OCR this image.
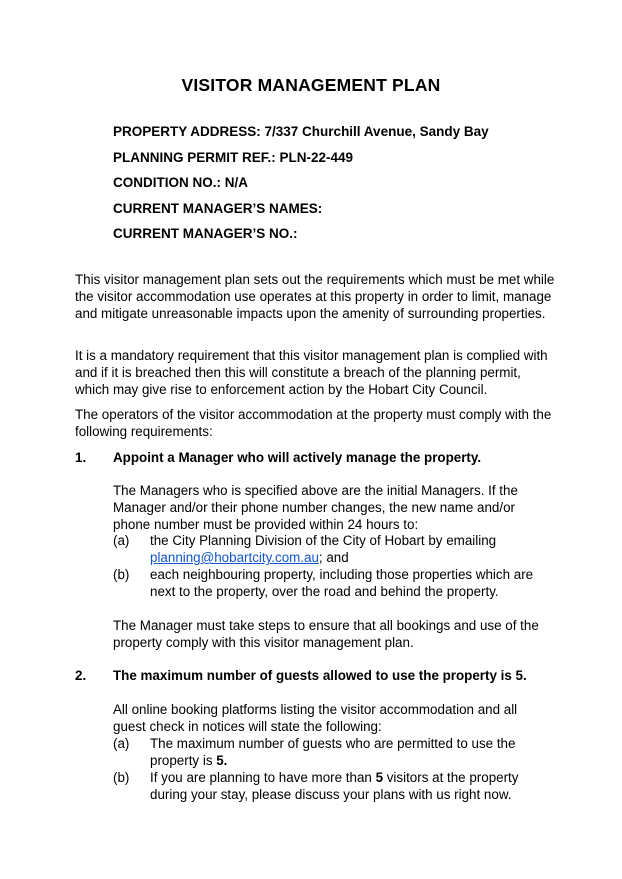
VISITOR MANAGEMENT PLAN
PROPERTY ADDRESS: 7/337 Churchill Avenue, Sandy Bay
PLANNING PERMIT REF.: PLN-22-449
CONDITION NO.: N/A
CURRENT MANAGER’S NAMES:
CURRENT MANAGER’S NO.:
This visitor management plan sets out the requirements which must be met while the visitor accommodation use operates at this property in order to limit, manage and mitigate unreasonable impacts upon the amenity of surrounding properties.
It is a mandatory requirement that this visitor management plan is complied with and if it is breached then this will constitute a breach of the planning permit, which may give rise to enforcement action by the Hobart City Council.
The operators of the visitor accommodation at the property must comply with the following requirements:
1. Appoint a Manager who will actively manage the property.
The Managers who is specified above are the initial Managers. If the Manager and/or their phone number changes, the new name and/or phone number must be provided within 24 hours to:
(a) the City Planning Division of the City of Hobart by emailing planning@hobartcity.com.au; and
(b) each neighbouring property, including those properties which are next to the property, over the road and behind the property.
The Manager must take steps to ensure that all bookings and use of the property comply with this visitor management plan.
2. The maximum number of guests allowed to use the property is 5.
All online booking platforms listing the visitor accommodation and all guest check in notices will state the following:
(a) The maximum number of guests who are permitted to use the property is 5.
(b) If you are planning to have more than 5 visitors at the property during your stay, please discuss your plans with us right now.
